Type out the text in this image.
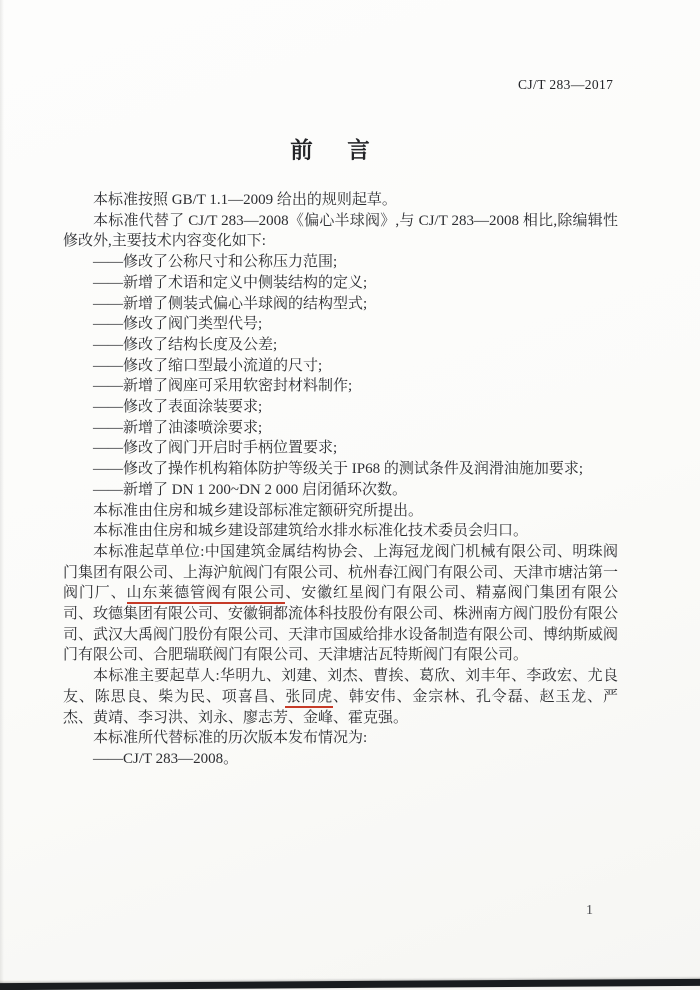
CJ/T 283—2017
前　言

本标准按照 GB/T 1.1—2009 给出的规则起草。

本标准代替了 CJ/T 283—2008《偏心半球阀》,与 CJ/T 283—2008 相比,除编辑性修改外,主要技术内容变化如下:

——修改了公称尺寸和公称压力范围;
——新增了术语和定义中侧装结构的定义;
——新增了侧装式偏心半球阀的结构型式;
——修改了阀门类型代号;
——修改了结构长度及公差;
——修改了缩口型最小流道的尺寸;
——新增了阀座可采用软密封材料制作;
——修改了表面涂装要求;
——新增了油漆喷涂要求;
——修改了阀门开启时手柄位置要求;
——修改了操作机构箱体防护等级关于 IP68 的测试条件及润滑油施加要求;
——新增了 DN 1 200~DN 2 000 启闭循环次数。

本标准由住房和城乡建设部标准定额研究所提出。

本标准由住房和城乡建设部建筑给水排水标准化技术委员会归口。

本标准起草单位:中国建筑金属结构协会、上海冠龙阀门机械有限公司、明珠阀门集团有限公司、上海沪航阀门有限公司、杭州春江阀门有限公司、天津市塘沽第一阀门厂、山东莱德管阀有限公司、安徽红星阀门有限公司、精嘉阀门集团有限公司、玫德集团有限公司、安徽铜都流体科技股份有限公司、株洲南方阀门股份有限公司、武汉大禹阀门股份有限公司、天津市国威给排水设备制造有限公司、博纳斯威阀门有限公司、合肥瑞联阀门有限公司、天津塘沽瓦特斯阀门有限公司。

本标准主要起草人:华明九、刘建、刘杰、曹挨、葛欣、刘丰年、李政宏、尤良友、陈思良、柴为民、项喜昌、张同虎、韩安伟、金宗林、孔令磊、赵玉龙、严杰、黄靖、李习洪、刘永、廖志芳、金峰、霍克强。

本标准所代替标准的历次版本发布情况为:

——CJ/T 283—2008。

1
